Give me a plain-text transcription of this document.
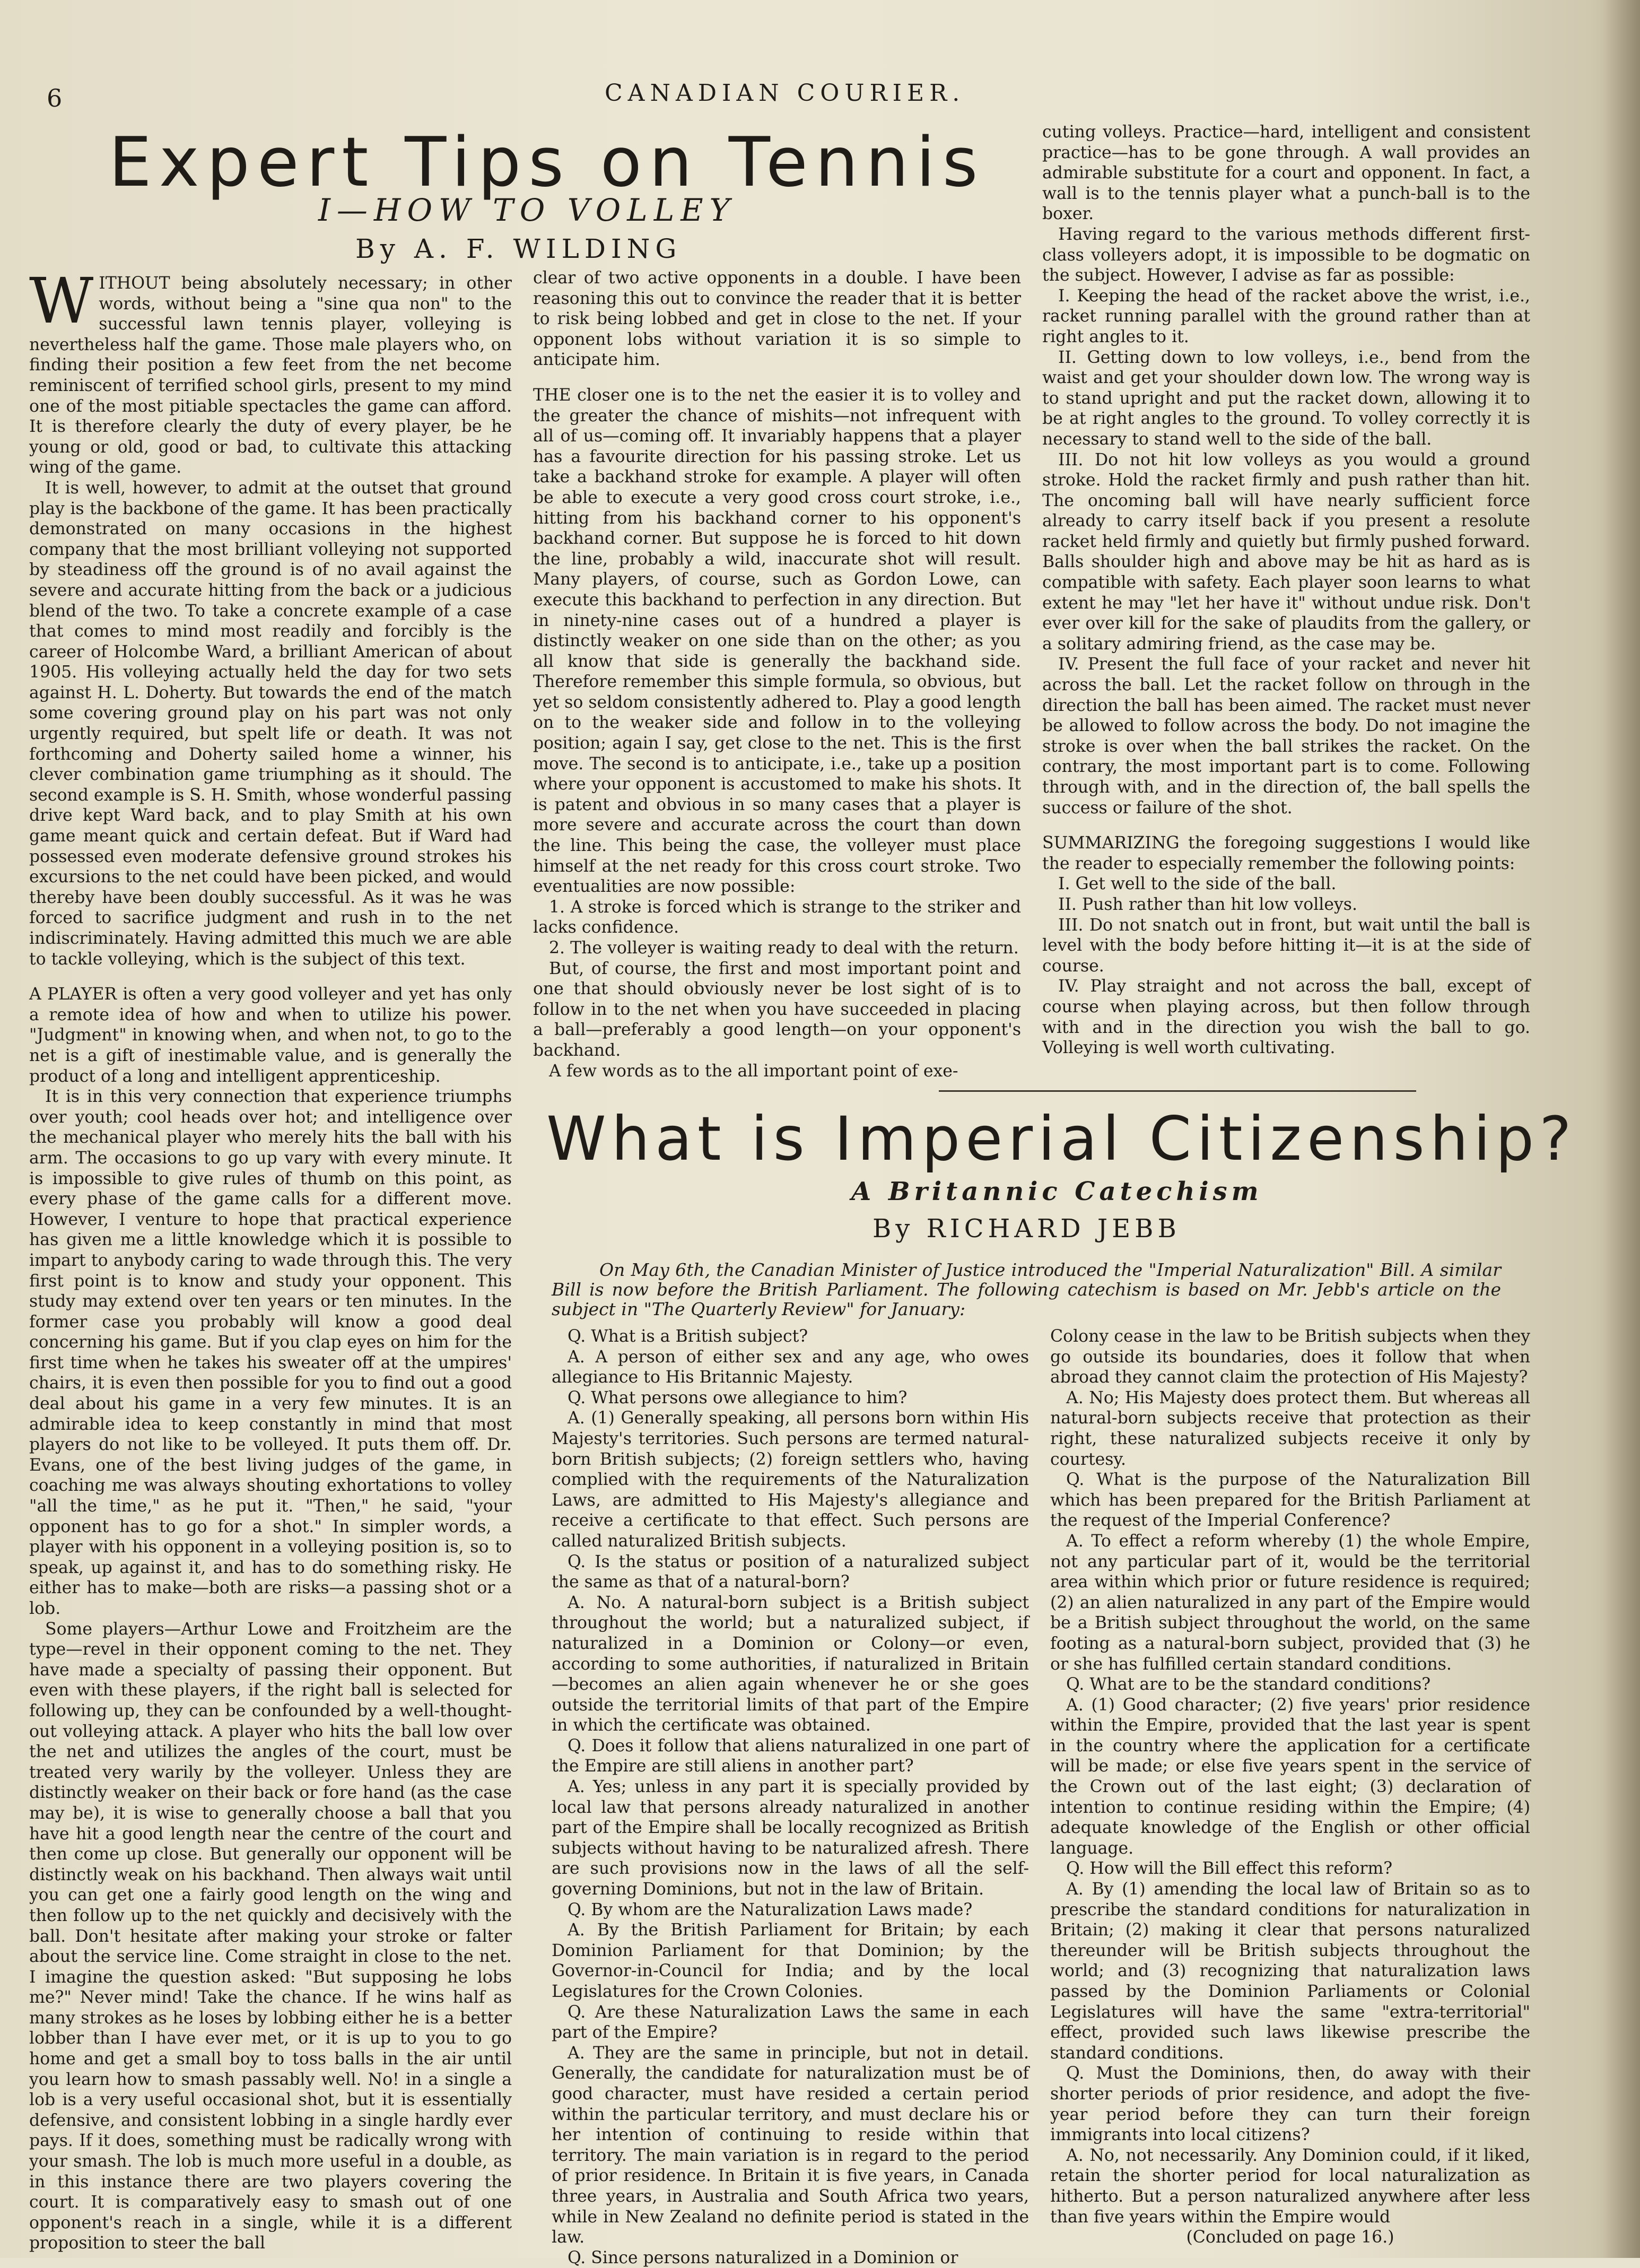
6	CANADIAN COURIER.
Expert Tips on Tennis
I—HOW TO VOLLEY
By A. F. WILDING

WITHOUT being absolutely necessary; in other words, without being a "sine qua non" to the successful lawn tennis player, volleying is nevertheless half the game. Those male players who, on finding their position a few feet from the net become reminiscent of terrified school girls, present to my mind one of the most pitiable spectacles the game can afford. It is therefore clearly the duty of every player, be he young or old, good or bad, to cultivate this attacking wing of the game.

It is well, however, to admit at the outset that ground play is the backbone of the game. It has been practically demonstrated on many occasions in the highest company that the most brilliant volleying not supported by steadiness off the ground is of no avail against the severe and accurate hitting from the back or a judicious blend of the two. To take a concrete example of a case that comes to mind most readily and forcibly is the career of Holcombe Ward, a brilliant American of about 1905. His volleying actually held the day for two sets against H. L. Doherty. But towards the end of the match some covering ground play on his part was not only urgently required, but spelt life or death. It was not forthcoming and Doherty sailed home a winner, his clever combination game triumphing as it should. The second example is S. H. Smith, whose wonderful passing drive kept Ward back, and to play Smith at his own game meant quick and certain defeat. But if Ward had possessed even moderate defensive ground strokes his excursions to the net could have been picked, and would thereby have been doubly successful. As it was he was forced to sacrifice judgment and rush in to the net indiscriminately. Having admitted this much we are able to tackle volleying, which is the subject of this text.

A PLAYER is often a very good volleyer and yet has only a remote idea of how and when to utilize his power. "Judgment" in knowing when, and when not, to go to the net is a gift of inestimable value, and is generally the product of a long and intelligent apprenticeship.

It is in this very connection that experience triumphs over youth; cool heads over hot; and intelligence over the mechanical player who merely hits the ball with his arm. The occasions to go up vary with every minute. It is impossible to give rules of thumb on this point, as every phase of the game calls for a different move. However, I venture to hope that practical experience has given me a little knowledge which it is possible to impart to anybody caring to wade through this. The very first point is to know and study your opponent. This study may extend over ten years or ten minutes. In the former case you probably will know a good deal concerning his game. But if you clap eyes on him for the first time when he takes his sweater off at the umpires' chairs, it is even then possible for you to find out a good deal about his game in a very few minutes. It is an admirable idea to keep constantly in mind that most players do not like to be volleyed. It puts them off. Dr. Evans, one of the best living judges of the game, in coaching me was always shouting exhortations to volley "all the time," as he put it. "Then," he said, "your opponent has to go for a shot." In simpler words, a player with his opponent in a volleying position is, so to speak, up against it, and has to do something risky. He either has to make—both are risks—a passing shot or a lob.

Some players—Arthur Lowe and Froitzheim are the type—revel in their opponent coming to the net. They have made a specialty of passing their opponent. But even with these players, if the right ball is selected for following up, they can be confounded by a well-thought-out volleying attack. A player who hits the ball low over the net and utilizes the angles of the court, must be treated very warily by the volleyer. Unless they are distinctly weaker on their back or fore hand (as the case may be), it is wise to generally choose a ball that you have hit a good length near the centre of the court and then come up close. But generally our opponent will be distinctly weak on his backhand. Then always wait until you can get one a fairly good length on the wing and then follow up to the net quickly and decisively with the ball. Don't hesitate after making your stroke or falter about the service line. Come straight in close to the net. I imagine the question asked: "But supposing he lobs me?" Never mind! Take the chance. If he wins half as many strokes as he loses by lobbing either he is a better lobber than I have ever met, or it is up to you to go home and get a small boy to toss balls in the air until you learn how to smash passably well. No! in a single a lob is a very useful occasional shot, but it is essentially defensive, and consistent lobbing in a single hardly ever pays. If it does, something must be radically wrong with your smash. The lob is much more useful in a double, as in this instance there are two players covering the court. It is comparatively easy to smash out of one opponent's reach in a single, while it is a different proposition to steer the ball

clear of two active opponents in a double. I have been reasoning this out to convince the reader that it is better to risk being lobbed and get in close to the net. If your opponent lobs without variation it is so simple to anticipate him.

THE closer one is to the net the easier it is to volley and the greater the chance of mishits—not infrequent with all of us—coming off. It invariably happens that a player has a favourite direction for his passing stroke. Let us take a backhand stroke for example. A player will often be able to execute a very good cross court stroke, i.e., hitting from his backhand corner to his opponent's backhand corner. But suppose he is forced to hit down the line, probably a wild, inaccurate shot will result. Many players, of course, such as Gordon Lowe, can execute this backhand to perfection in any direction. But in ninety-nine cases out of a hundred a player is distinctly weaker on one side than on the other; as you all know that side is generally the backhand side. Therefore remember this simple formula, so obvious, but yet so seldom consistently adhered to. Play a good length on to the weaker side and follow in to the volleying position; again I say, get close to the net. This is the first move. The second is to anticipate, i.e., take up a position where your opponent is accustomed to make his shots. It is patent and obvious in so many cases that a player is more severe and accurate across the court than down the line. This being the case, the volleyer must place himself at the net ready for this cross court stroke. Two eventualities are now possible:

1. A stroke is forced which is strange to the striker and lacks confidence.

2. The volleyer is waiting ready to deal with the return.

But, of course, the first and most important point and one that should obviously never be lost sight of is to follow in to the net when you have succeeded in placing a ball—preferably a good length—on your opponent's backhand.

A few words as to the all important point of exe-

cuting volleys. Practice—hard, intelligent and consistent practice—has to be gone through. A wall provides an admirable substitute for a court and opponent. In fact, a wall is to the tennis player what a punch-ball is to the boxer.

Having regard to the various methods different first-class volleyers adopt, it is impossible to be dogmatic on the subject. However, I advise as far as possible:

I. Keeping the head of the racket above the wrist, i.e., racket running parallel with the ground rather than at right angles to it.

II. Getting down to low volleys, i.e., bend from the waist and get your shoulder down low. The wrong way is to stand upright and put the racket down, allowing it to be at right angles to the ground. To volley correctly it is necessary to stand well to the side of the ball.

III. Do not hit low volleys as you would a ground stroke. Hold the racket firmly and push rather than hit. The oncoming ball will have nearly sufficient force already to carry itself back if you present a resolute racket held firmly and quietly but firmly pushed forward. Balls shoulder high and above may be hit as hard as is compatible with safety. Each player soon learns to what extent he may "let her have it" without undue risk. Don't ever over kill for the sake of plaudits from the gallery, or a solitary admiring friend, as the case may be.

IV. Present the full face of your racket and never hit across the ball. Let the racket follow on through in the direction the ball has been aimed. The racket must never be allowed to follow across the body. Do not imagine the stroke is over when the ball strikes the racket. On the contrary, the most important part is to come. Following through with, and in the direction of, the ball spells the success or failure of the shot.

SUMMARIZING the foregoing suggestions I would like the reader to especially remember the following points:

I. Get well to the side of the ball.

II. Push rather than hit low volleys.

III. Do not snatch out in front, but wait until the ball is level with the body before hitting it—it is at the side of course.

IV. Play straight and not across the ball, except of course when playing across, but then follow through with and in the direction you wish the ball to go. Volleying is well worth cultivating.

What is Imperial Citizenship?
A Britannic Catechism
By RICHARD JEBB
On May 6th, the Canadian Minister of Justice introduced the "Imperial Naturalization" Bill. A similar Bill is now before the British Parliament. The following catechism is based on Mr. Jebb's article on the subject in "The Quarterly Review" for January:

Q. What is a British subject?

A. A person of either sex and any age, who owes allegiance to His Britannic Majesty.

Q. What persons owe allegiance to him?

A. (1) Generally speaking, all persons born within His Majesty's territories. Such persons are termed natural-born British subjects; (2) foreign settlers who, having complied with the requirements of the Naturalization Laws, are admitted to His Majesty's allegiance and receive a certificate to that effect. Such persons are called naturalized British subjects.

Q. Is the status or position of a naturalized subject the same as that of a natural-born?

A. No. A natural-born subject is a British subject throughout the world; but a naturalized subject, if naturalized in a Dominion or Colony—or even, according to some authorities, if naturalized in Britain—becomes an alien again whenever he or she goes outside the territorial limits of that part of the Empire in which the certificate was obtained.

Q. Does it follow that aliens naturalized in one part of the Empire are still aliens in another part?

A. Yes; unless in any part it is specially provided by local law that persons already naturalized in another part of the Empire shall be locally recognized as British subjects without having to be naturalized afresh. There are such provisions now in the laws of all the self-governing Dominions, but not in the law of Britain.

Q. By whom are the Naturalization Laws made?

A. By the British Parliament for Britain; by each Dominion Parliament for that Dominion; by the Governor-in-Council for India; and by the local Legislatures for the Crown Colonies.

Q. Are these Naturalization Laws the same in each part of the Empire?

A. They are the same in principle, but not in detail. Generally, the candidate for naturalization must be of good character, must have resided a certain period within the particular territory, and must declare his or her intention of continuing to reside within that territory. The main variation is in regard to the period of prior residence. In Britain it is five years, in Canada three years, in Australia and South Africa two years, while in New Zealand no definite period is stated in the law.

Q. Since persons naturalized in a Dominion or

Colony cease in the law to be British subjects when they go outside its boundaries, does it follow that when abroad they cannot claim the protection of His Majesty?

A. No; His Majesty does protect them. But whereas all natural-born subjects receive that protection as their right, these naturalized subjects receive it only by courtesy.

Q. What is the purpose of the Naturalization Bill which has been prepared for the British Parliament at the request of the Imperial Conference?

A. To effect a reform whereby (1) the whole Empire, not any particular part of it, would be the territorial area within which prior or future residence is required; (2) an alien naturalized in any part of the Empire would be a British subject throughout the world, on the same footing as a natural-born subject, provided that (3) he or she has fulfilled certain standard conditions.

Q. What are to be the standard conditions?

A. (1) Good character; (2) five years' prior residence within the Empire, provided that the last year is spent in the country where the application for a certificate will be made; or else five years spent in the service of the Crown out of the last eight; (3) declaration of intention to continue residing within the Empire; (4) adequate knowledge of the English or other official language.

Q. How will the Bill effect this reform?

A. By (1) amending the local law of Britain so as to prescribe the standard conditions for naturalization in Britain; (2) making it clear that persons naturalized thereunder will be British subjects throughout the world; and (3) recognizing that naturalization laws passed by the Dominion Parliaments or Colonial Legislatures will have the same "extra-territorial" effect, provided such laws likewise prescribe the standard conditions.

Q. Must the Dominions, then, do away with their shorter periods of prior residence, and adopt the five-year period before they can turn their foreign immigrants into local citizens?

A. No, not necessarily. Any Dominion could, if it liked, retain the shorter period for local naturalization as hitherto. But a person naturalized anywhere after less than five years within the Empire would

(Concluded on page 16.)
